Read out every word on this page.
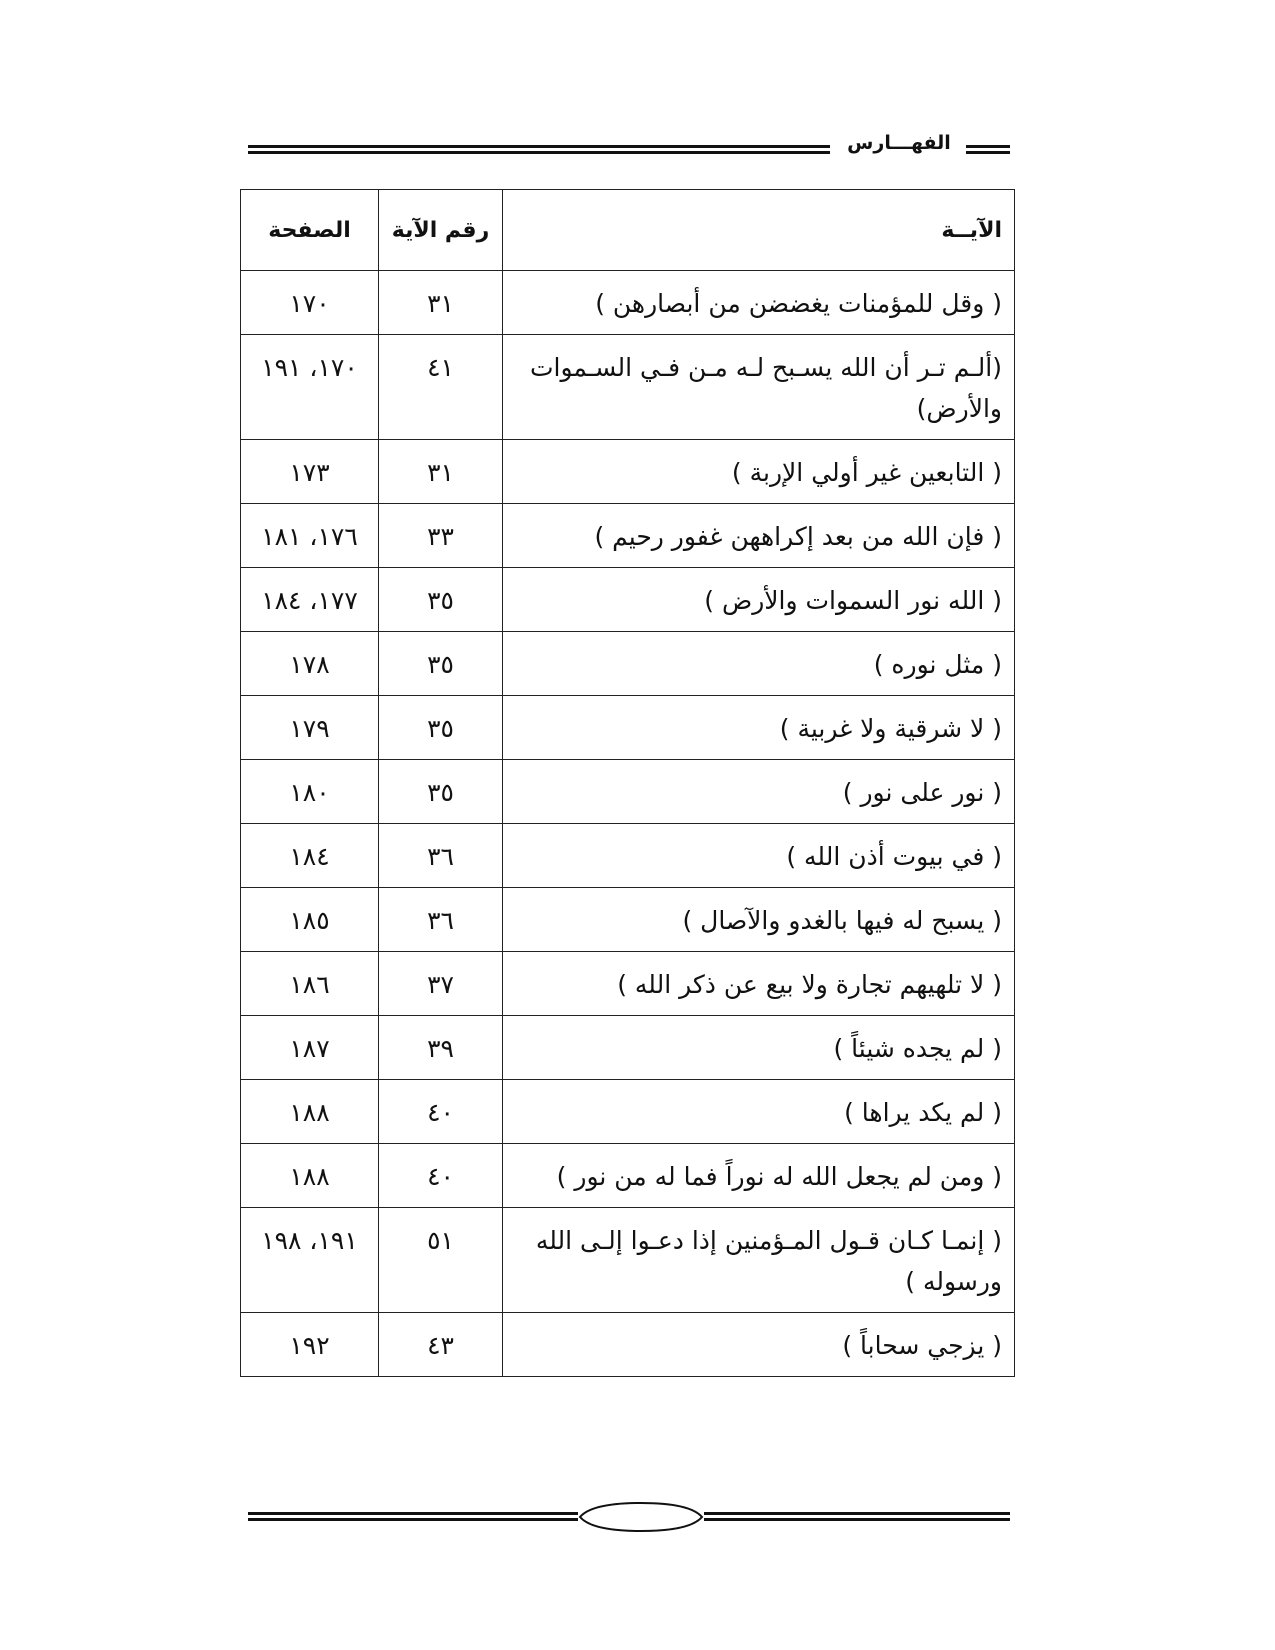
الفهـــارس
الآيــة	رقم الآية	الصفحة
( وقل للمؤمنات يغضضن من أبصارهن )	٣١	١٧٠
(ألـم تـر أن الله يسـبح لـه مـن فـي السـموات والأرض)	٤١	١٧٠، ١٩١
( التابعين غير أولي الإربة )	٣١	١٧٣
( فإن الله من بعد إكراههن غفور رحيم )	٣٣	١٧٦، ١٨١
( الله نور السموات والأرض )	٣٥	١٧٧، ١٨٤
( مثل نوره )	٣٥	١٧٨
( لا شرقية ولا غربية )	٣٥	١٧٩
( نور على نور )	٣٥	١٨٠
( في بيوت أذن الله )	٣٦	١٨٤
( يسبح له فيها بالغدو والآصال )	٣٦	١٨٥
( لا تلهيهم تجارة ولا بيع عن ذكر الله )	٣٧	١٨٦
( لم يجده شيئاً )	٣٩	١٨٧
( لم يكد يراها )	٤٠	١٨٨
( ومن لم يجعل الله له نوراً فما له من نور )	٤٠	١٨٨
( إنمـا كـان قـول المـؤمنين إذا دعـوا إلـى الله ورسوله )	٥١	١٩١، ١٩٨
( يزجي سحاباً )	٤٣	١٩٢
